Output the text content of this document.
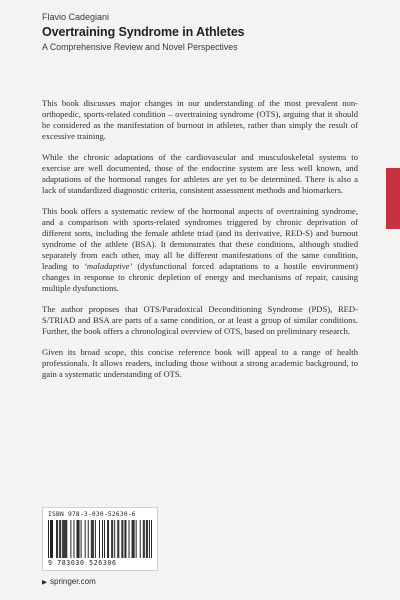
Flavio Cadegiani
Overtraining Syndrome in Athletes
A Comprehensive Review and Novel Perspectives

This book discusses major changes in our understanding of the most prevalent non-orthopedic, sports-related condition – overtraining syndrome (OTS), arguing that it should be considered as the manifestation of burnout in athletes, rather than simply the result of excessive training.

While the chronic adaptations of the cardiovascular and musculoskeletal systems to exercise are well documented, those of the endocrine system are less well known, and adaptations of the hormonal ranges for athletes are yet to be determined. There is also a lack of standardized diagnostic criteria, consistent assessment methods and biomarkers.

This book offers a systematic review of the hormonal aspects of overtraining syndrome, and a comparison with sports-related syndromes triggered by chronic deprivation of different sorts, including the female athlete triad (and its derivative, RED-S) and burnout syndrome of the athlete (BSA). It demonstrates that these conditions, although studied separately from each other, may all be different manifestations of the same condition, leading to ‘maladaptive’ (dysfunctional forced adaptations to a hostile environment) changes in response to chronic depletion of energy and mechanisms of repair, causing multiple dysfunctions.

The author proposes that OTS/Paradoxical Deconditioning Syndrome (PDS), RED-S/TRIAD and BSA are parts of a same condition, or at least a group of similar conditions. Further, the book offers a chronological overview of OTS, based on preliminary research.

Given its broad scope, this concise reference book will appeal to a range of health professionals. It allows readers, including those without a strong academic background, to gain a systematic understanding of OTS.

ISBN 978-3-030-52630-6
9 783030 526306
▶ springer.com
